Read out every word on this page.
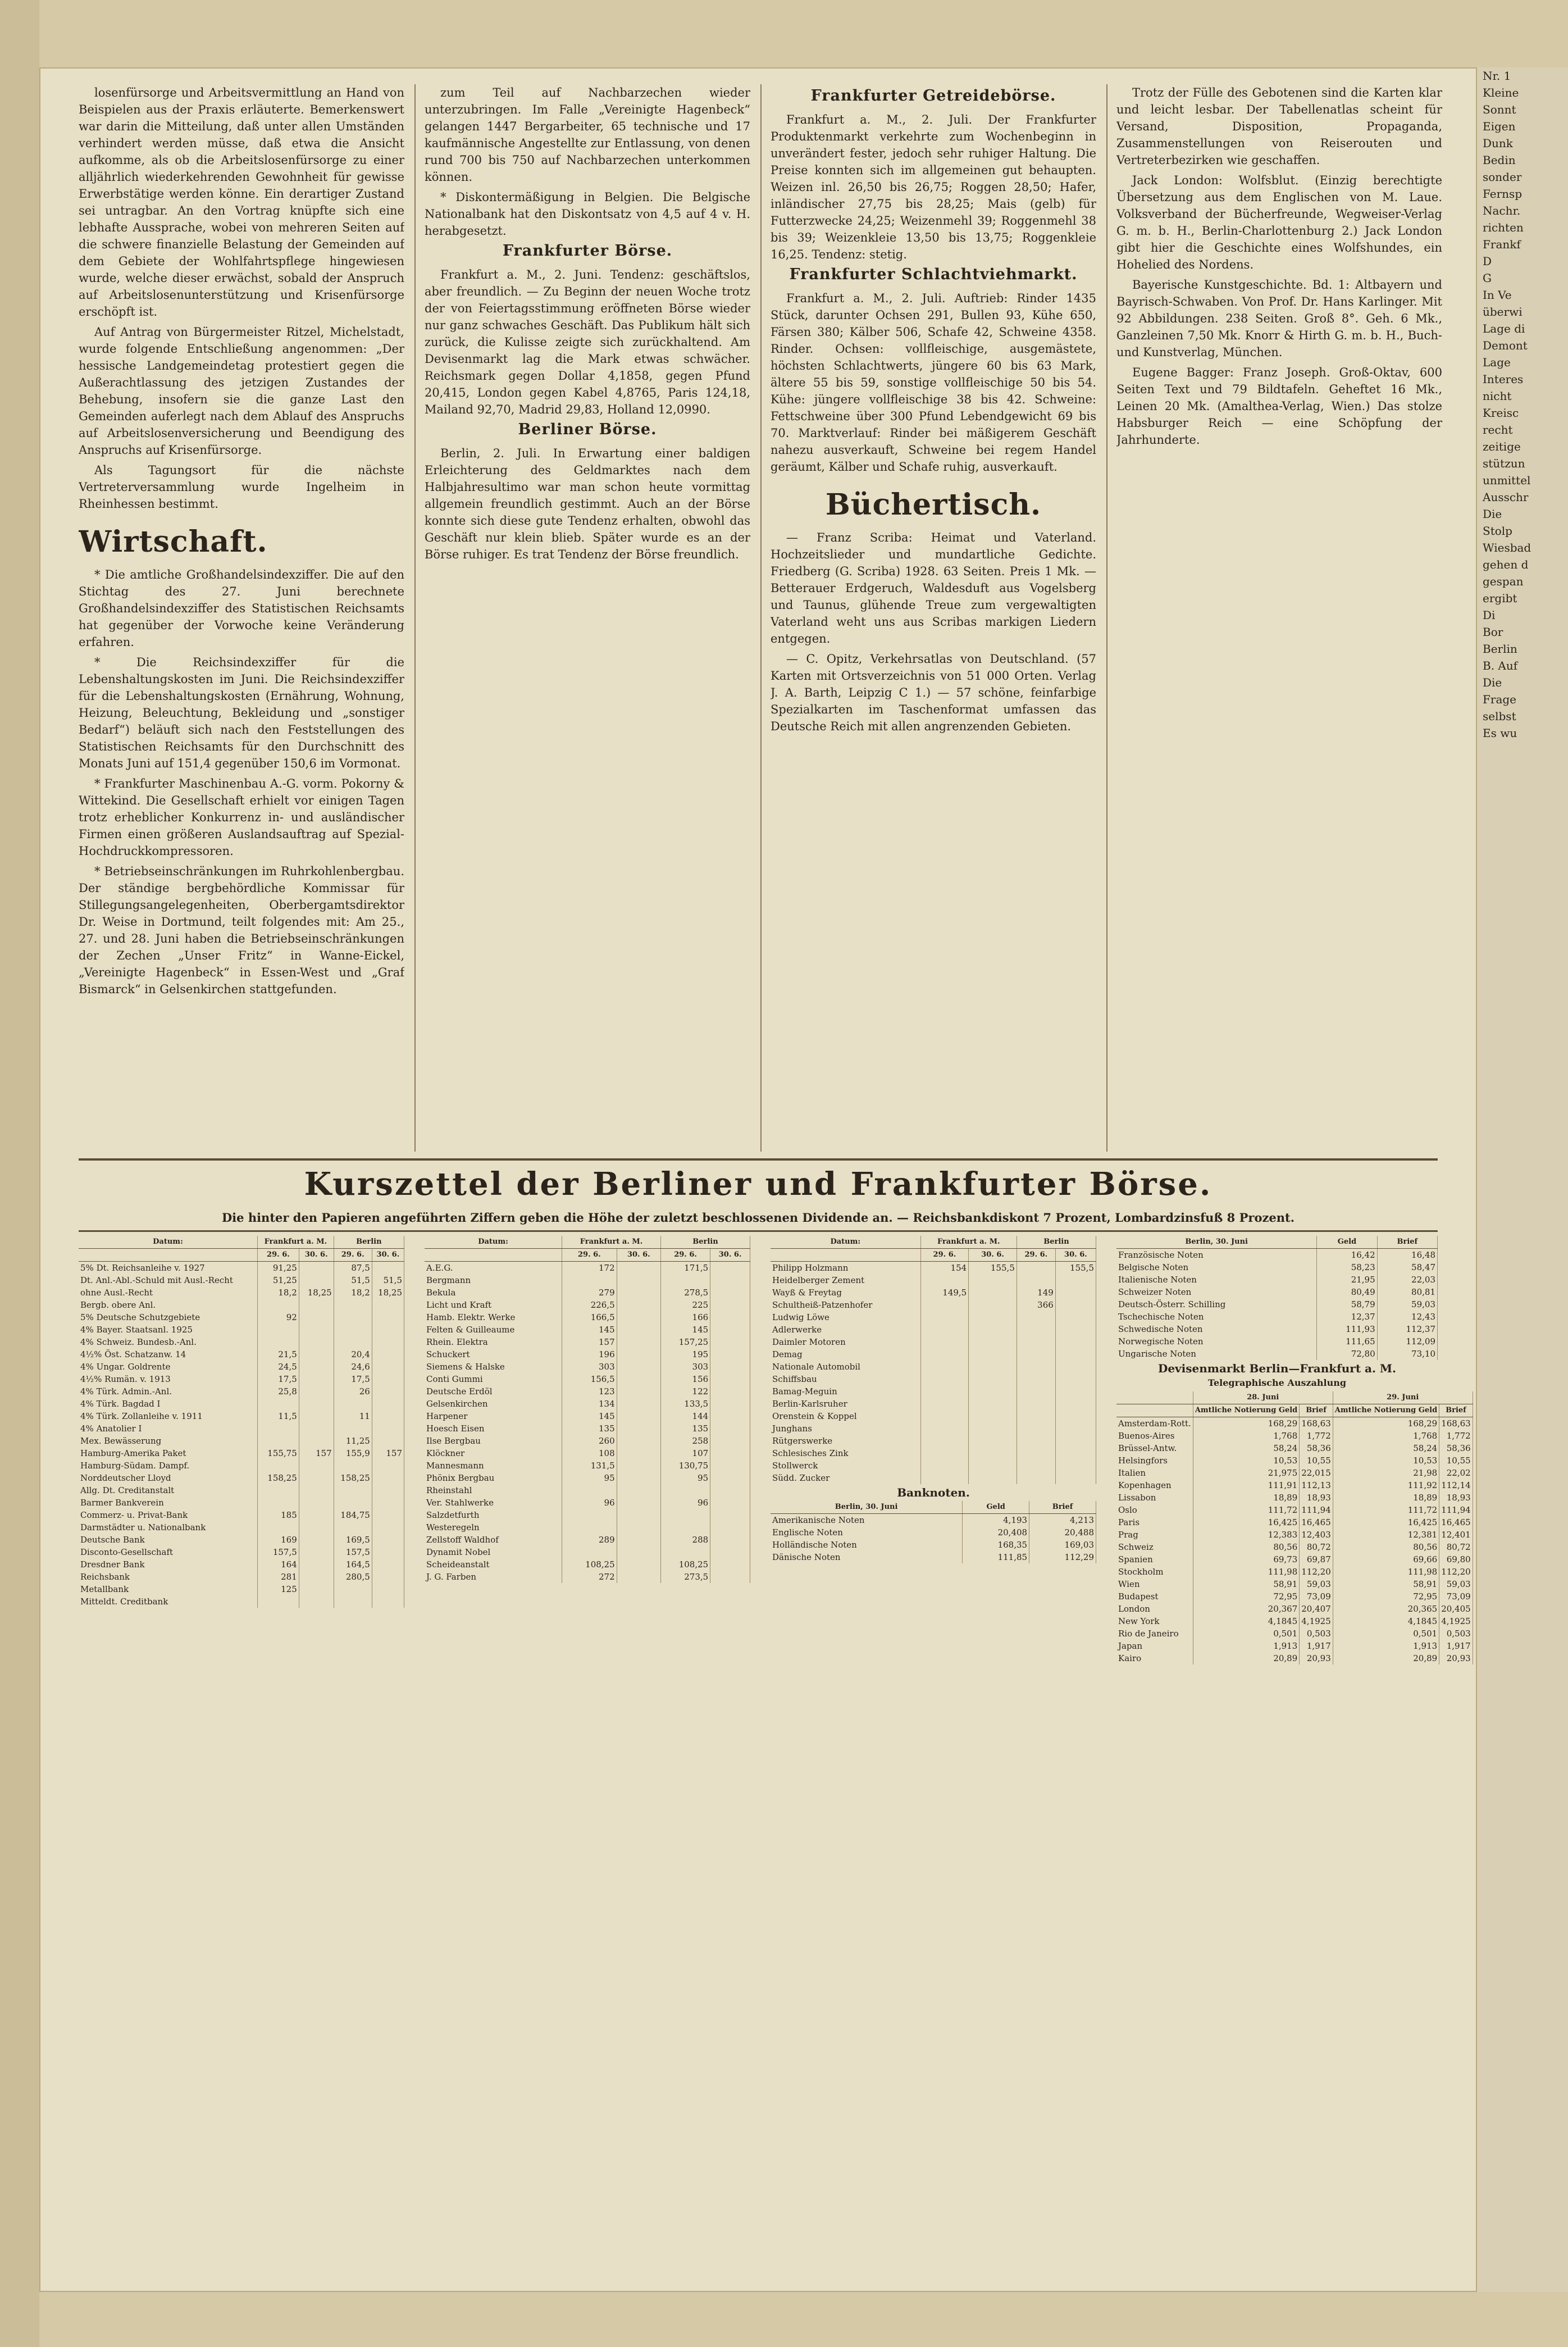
losenfürsorge und Arbeitsvermittlung an Hand von Beispielen aus der Praxis erläuterte. Bemerkenswert war darin die Mitteilung, daß unter allen Umständen verhindert werden müsse, daß etwa die Ansicht aufkomme, als ob die Arbeitslosenfürsorge zu einer alljährlich wiederkehrenden Gewohnheit für gewisse Erwerbstätige werden könne. Ein derartiger Zustand sei untragbar. An den Vortrag knüpfte sich eine lebhafte Aussprache, wobei von mehreren Seiten auf die schwere finanzielle Belastung der Gemeinden auf dem Gebiete der Wohlfahrtspflege hingewiesen wurde, welche dieser erwächst, sobald der Anspruch auf Arbeitslosenunterstützung und Krisenfürsorge erschöpft ist.

Auf Antrag von Bürgermeister Ritzel, Michelstadt, wurde folgende Entschließung angenommen: „Der hessische Landgemeindetag protestiert gegen die Außerachtlassung des jetzigen Zustandes der Behebung, insofern sie die ganze Last den Gemeinden auferlegt nach dem Ablauf des Anspruchs auf Arbeitslosenversicherung und Beendigung des Anspruchs auf Krisenfürsorge.

Als Tagungsort für die nächste Vertreterversammlung wurde Ingelheim in Rheinhessen bestimmt.

Wirtschaft.

* Die amtliche Großhandelsindexziffer. Die auf den Stichtag des 27. Juni berechnete Großhandelsindexziffer des Statistischen Reichsamts hat gegenüber der Vorwoche keine Veränderung erfahren.

* Die Reichsindexziffer für die Lebenshaltungskosten im Juni. Die Reichsindexziffer für die Lebenshaltungskosten (Ernährung, Wohnung, Heizung, Beleuchtung, Bekleidung und „sonstiger Bedarf“) beläuft sich nach den Feststellungen des Statistischen Reichsamts für den Durchschnitt des Monats Juni auf 151,4 gegenüber 150,6 im Vormonat.

* Frankfurter Maschinenbau A.-G. vorm. Pokorny & Wittekind. Die Gesellschaft erhielt vor einigen Tagen trotz erheblicher Konkurrenz in- und ausländischer Firmen einen größeren Auslandsauftrag auf Spezial-Hochdruckkompressoren.

* Betriebseinschränkungen im Ruhrkohlenbergbau. Der ständige bergbehördliche Kommissar für Stillegungsangelegenheiten, Oberbergamtsdirektor Dr. Weise in Dortmund, teilt folgendes mit: Am 25., 27. und 28. Juni haben die Betriebseinschränkungen der Zechen „Unser Fritz“ in Wanne-Eickel, „Vereinigte Hagenbeck“ in Essen-West und „Graf Bismarck“ in Gelsenkirchen stattgefunden.

zum Teil auf Nachbarzechen wieder unterzubringen. Im Falle „Vereinigte Hagenbeck“ gelangen 1447 Bergarbeiter, 65 technische und 17 kaufmännische Angestellte zur Entlassung, von denen rund 700 bis 750 auf Nachbarzechen unterkommen können.

* Diskontermäßigung in Belgien. Die Belgische Nationalbank hat den Diskontsatz von 4,5 auf 4 v. H. herabgesetzt.

Frankfurter Börse.

Frankfurt a. M., 2. Juni. Tendenz: geschäftslos, aber freundlich. — Zu Beginn der neuen Woche trotz der von Feiertagsstimmung eröffneten Börse wieder nur ganz schwaches Geschäft. Das Publikum hält sich zurück, die Kulisse zeigte sich zurückhaltend. Am Devisenmarkt lag die Mark etwas schwächer. Reichsmark gegen Dollar 4,1858, gegen Pfund 20,415, London gegen Kabel 4,8765, Paris 124,18, Mailand 92,70, Madrid 29,83, Holland 12,0990.

Berliner Börse.

Berlin, 2. Juli. In Erwartung einer baldigen Erleichterung des Geldmarktes nach dem Halbjahresultimo war man schon heute vormittag allgemein freundlich gestimmt. Auch an der Börse konnte sich diese gute Tendenz erhalten, obwohl das Geschäft nur klein blieb. Später wurde es an der Börse ruhiger. Es trat Tendenz der Börse freundlich.

Frankfurter Getreidebörse.

Frankfurt a. M., 2. Juli. Der Frankfurter Produktenmarkt verkehrte zum Wochenbeginn in unverändert fester, jedoch sehr ruhiger Haltung. Die Preise konnten sich im allgemeinen gut behaupten. Weizen inl. 26,50 bis 26,75; Roggen 28,50; Hafer, inländischer 27,75 bis 28,25; Mais (gelb) für Futterzwecke 24,25; Weizenmehl 39; Roggenmehl 38 bis 39; Weizenkleie 13,50 bis 13,75; Roggenkleie 16,25. Tendenz: stetig.

Frankfurter Schlachtviehmarkt.

Frankfurt a. M., 2. Juli. Auftrieb: Rinder 1435 Stück, darunter Ochsen 291, Bullen 93, Kühe 650, Färsen 380; Kälber 506, Schafe 42, Schweine 4358. Rinder. Ochsen: vollfleischige, ausgemästete, höchsten Schlachtwerts, jüngere 60 bis 63 Mark, ältere 55 bis 59, sonstige vollfleischige 50 bis 54. Kühe: jüngere vollfleischige 38 bis 42. Schweine: Fettschweine über 300 Pfund Lebendgewicht 69 bis 70. Marktverlauf: Rinder bei mäßigerem Geschäft nahezu ausverkauft, Schweine bei regem Handel geräumt, Kälber und Schafe ruhig, ausverkauft.

Büchertisch.

— Franz Scriba: Heimat und Vaterland. Hochzeitslieder und mundartliche Gedichte. Friedberg (G. Scriba) 1928. 63 Seiten. Preis 1 Mk. — Betterauer Erdgeruch, Waldesduft aus Vogelsberg und Taunus, glühende Treue zum vergewaltigten Vaterland weht uns aus Scribas markigen Liedern entgegen.

— C. Opitz, Verkehrsatlas von Deutschland. (57 Karten mit Ortsverzeichnis von 51 000 Orten. Verlag J. A. Barth, Leipzig C 1.) — 57 schöne, feinfarbige Spezialkarten im Taschenformat umfassen das Deutsche Reich mit allen angrenzenden Gebieten.

Trotz der Fülle des Gebotenen sind die Karten klar und leicht lesbar. Der Tabellenatlas scheint für Versand, Disposition, Propaganda, Zusammenstellungen von Reiserouten und Vertreterbezirken wie geschaffen.

Jack London: Wolfsblut. (Einzig berechtigte Übersetzung aus dem Englischen von M. Laue. Volksverband der Bücherfreunde, Wegweiser-Verlag G. m. b. H., Berlin-Charlottenburg 2.) Jack London gibt hier die Geschichte eines Wolfshundes, ein Hohelied des Nordens.

Bayerische Kunstgeschichte. Bd. 1: Altbayern und Bayrisch-Schwaben. Von Prof. Dr. Hans Karlinger. Mit 92 Abbildungen. 238 Seiten. Groß 8°. Geh. 6 Mk., Ganzleinen 7,50 Mk. Knorr & Hirth G. m. b. H., Buch- und Kunstverlag, München.

Eugene Bagger: Franz Joseph. Groß-Oktav, 600 Seiten Text und 79 Bildtafeln. Geheftet 16 Mk., Leinen 20 Mk. (Amalthea-Verlag, Wien.) Das stolze Habsburger Reich — eine Schöpfung der Jahrhunderte.

Kurszettel der Berliner und Frankfurter Börse.
Die hinter den Papieren angeführten Ziffern geben die Höhe der zuletzt beschlossenen Dividende an. — Reichsbankdiskont 7 Prozent, Lombardzinsfuß 8 Prozent.
Datum:	Frankfurt a. M.		Berlin	
	29. 6.	30. 6.	29. 6.	30. 6.
5% Dt. Reichsanleihe v. 1927	91,25		87,5	
Dt. Anl.-Abl.-Schuld mit Ausl.-Recht	51,25		51,5	51,5
ohne Ausl.-Recht	18,2	18,25	18,2	18,25
Bergb. obere Anl.				
5% Deutsche Schutzgebiete	92			
4% Bayer. Staatsanl. 1925				
4% Schweiz. Bundesb.-Anl.				
4½% Öst. Schatzanw. 14	21,5		20,4	
4% Ungar. Goldrente	24,5		24,6	
4½% Rumän. v. 1913	17,5		17,5	
4% Türk. Admin.-Anl.	25,8		26	
4% Türk. Bagdad I				
4% Türk. Zollanleihe v. 1911	11,5		11	
4% Anatolier I				
Mex. Bewässerung			11,25	
Hamburg-Amerika Paket	155,75	157	155,9	157
Hamburg-Südam. Dampf.				
Norddeutscher Lloyd	158,25		158,25	
Allg. Dt. Creditanstalt				
Barmer Bankverein				
Commerz- u. Privat-Bank	185		184,75	
Darmstädter u. Nationalbank				
Deutsche Bank	169		169,5	
Disconto-Gesellschaft	157,5		157,5	
Dresdner Bank	164		164,5	
Reichsbank	281		280,5	
Metallbank	125			
Mitteldt. Creditbank				
Datum:	Frankfurt a. M.		Berlin	
	29. 6.	30. 6.	29. 6.	30. 6.
A.E.G.	172		171,5	
Bergmann				
Bekula	279		278,5	
Licht und Kraft	226,5		225	
Hamb. Elektr. Werke	166,5		166	
Felten & Guilleaume	145		145	
Rhein. Elektra	157		157,25	
Schuckert	196		195	
Siemens & Halske	303		303	
Conti Gummi	156,5		156	
Deutsche Erdöl	123		122	
Gelsenkirchen	134		133,5	
Harpener	145		144	
Hoesch Eisen	135		135	
Ilse Bergbau	260		258	
Klöckner	108		107	
Mannesmann	131,5		130,75	
Phönix Bergbau	95		95	
Rheinstahl				
Ver. Stahlwerke	96		96	
Salzdetfurth				
Westeregeln				
Zellstoff Waldhof	289		288	
Dynamit Nobel				
Scheideanstalt	108,25		108,25	
J. G. Farben	272		273,5	
Datum:	Frankfurt a. M.		Berlin	
	29. 6.	30. 6.	29. 6.	30. 6.
Philipp Holzmann	154	155,5		155,5
Heidelberger Zement				
Wayß & Freytag	149,5		149	
Schultheiß-Patzenhofer			366	
Ludwig Löwe				
Adlerwerke				
Daimler Motoren				
Demag				
Nationale Automobil				
Schiffsbau				
Bamag-Meguin				
Berlin-Karlsruher				
Orenstein & Koppel				
Junghans				
Rütgerswerke				
Schlesisches Zink				
Stollwerck				
Südd. Zucker				
Banknoten.
Berlin, 30. Juni	Geld	Brief
Amerikanische Noten	4,193	4,213
Englische Noten	20,408	20,488
Holländische Noten	168,35	169,03
Dänische Noten	111,85	112,29
Berlin, 30. Juni	Geld	Brief
Französische Noten	16,42	16,48
Belgische Noten	58,23	58,47
Italienische Noten	21,95	22,03
Schweizer Noten	80,49	80,81
Deutsch-Österr. Schilling	58,79	59,03
Tschechische Noten	12,37	12,43
Schwedische Noten	111,93	112,37
Norwegische Noten	111,65	112,09
Ungarische Noten	72,80	73,10
Devisenmarkt Berlin—Frankfurt a. M.
Telegraphische Auszahlung
	28. Juni		29. Juni	
	Amtliche Notierung Geld	Brief	Amtliche Notierung Geld	Brief
Amsterdam-Rott.	168,29	168,63	168,29	168,63
Buenos-Aires	1,768	1,772	1,768	1,772
Brüssel-Antw.	58,24	58,36	58,24	58,36
Helsingfors	10,53	10,55	10,53	10,55
Italien	21,975	22,015	21,98	22,02
Kopenhagen	111,91	112,13	111,92	112,14
Lissabon	18,89	18,93	18,89	18,93
Oslo	111,72	111,94	111,72	111,94
Paris	16,425	16,465	16,425	16,465
Prag	12,383	12,403	12,381	12,401
Schweiz	80,56	80,72	80,56	80,72
Spanien	69,73	69,87	69,66	69,80
Stockholm	111,98	112,20	111,98	112,20
Wien	58,91	59,03	58,91	59,03
Budapest	72,95	73,09	72,95	73,09
London	20,367	20,407	20,365	20,405
New York	4,1845	4,1925	4,1845	4,1925
Rio de Janeiro	0,501	0,503	0,501	0,503
Japan	1,913	1,917	1,913	1,917
Kairo	20,89	20,93	20,89	20,93
Nr. 1
Kleine
Sonnt
Eigen
Dunk
Bedin
sonder
Fernsp
Nachr.
richten
Frankf
D
G
In Ve
überwi
Lage di
Demont
Lage
Interes
nicht
Kreisc
recht
zeitige
stützun
unmittel
Ausschr
Die
Stolp
Wiesbad
gehen d
gespan
ergibt
Di
Bor
Berlin
B. Auf
Die
Frage
selbst
Es wu
